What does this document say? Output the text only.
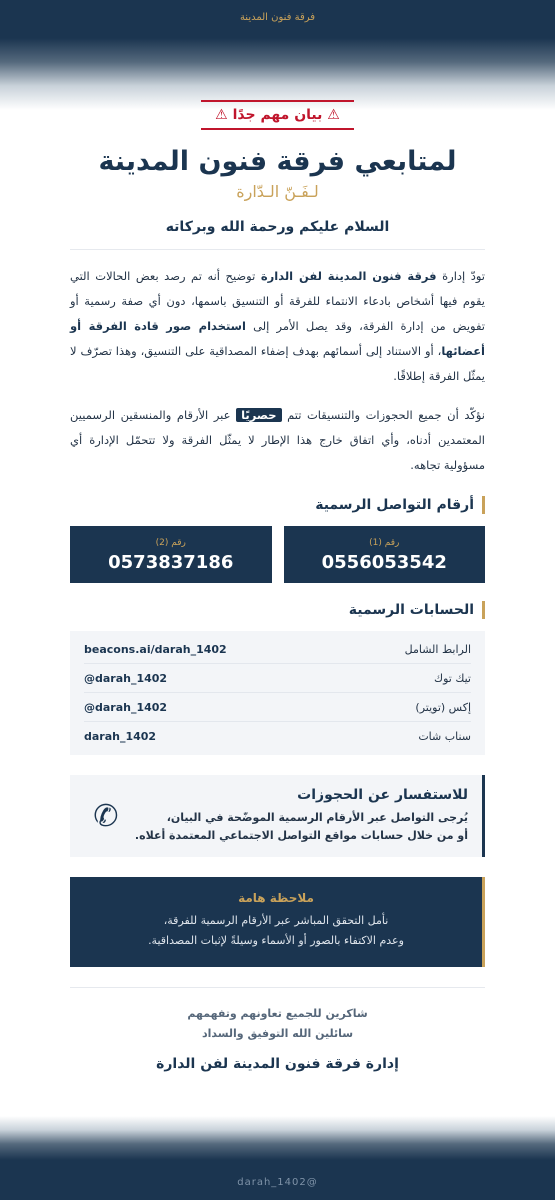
فرقة فنون المدينة
⚠ بيان مهم جدًا ⚠
لمتابعي فرقة فنون المدينة
لـفَـنّ الـدّارة
السلام عليكم ورحمة الله وبركاته

تودّ إدارة فرقة فنون المدينة لفن الدارة توضيح أنه تم رصد بعض الحالات التي يقوم فيها أشخاص بادعاء الانتماء للفرقة أو التنسيق باسمها، دون أي صفة رسمية أو تفويض من إدارة الفرقة، وقد يصل الأمر إلى استخدام صور قادة الفرقة أو أعضائها، أو الاستناد إلى أسمائهم بهدف إضفاء المصداقية على التنسيق، وهذا تصرّف لا يمثّل الفرقة إطلاقًا.

نؤكّد أن جميع الحجوزات والتنسيقات تتم حصريًا عبر الأرقام والمنسقين الرسميين المعتمدين أدناه، وأي اتفاق خارج هذا الإطار لا يمثّل الفرقة ولا تتحمّل الإدارة أي مسؤولية تجاهه.

أرقام التواصل الرسمية
رقم (1)
0556053542
رقم (2)
0573837186
الحسابات الرسمية
الرابط الشامل
beacons.ai/darah_1402
تيك توك
@darah_1402
إكس (تويتر)
@darah_1402
سناب شات
darah_1402
للاستفسار عن الحجوزات
يُرجى التواصل عبر الأرقام الرسمية الموضّحة في البيان،
أو من خلال حسابات مواقع التواصل الاجتماعي المعتمدة أعلاه.
✆
ملاحظة هامة
نأمل التحقق المباشر عبر الأرقام الرسمية للفرقة،
وعدم الاكتفاء بالصور أو الأسماء وسيلةً لإثبات المصداقية.
شاكرين للجميع تعاونهم وتفهمهم
سائلين الله التوفيق والسداد
إدارة فرقة فنون المدينة لفن الدارة
darah_1402@
